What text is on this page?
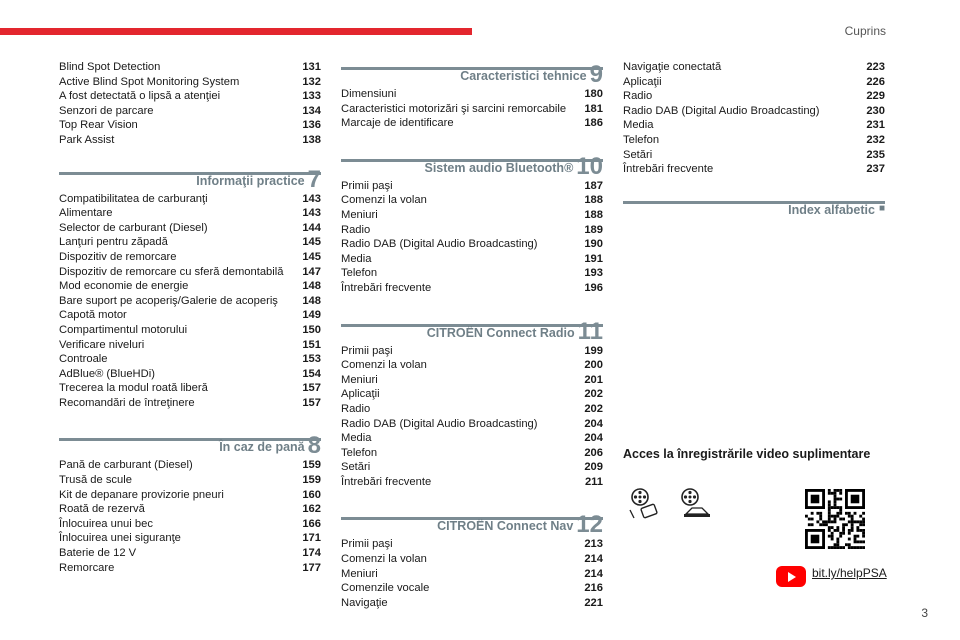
Cuprins
Blind Spot Detection	131
Active Blind Spot Monitoring System	132
A fost detectată o lipsă a atenţiei	133
Senzori de parcare	134
Top Rear Vision	136
Park Assist	138
Informaţii practice 7
Compatibilitatea de carburanţi	143
Alimentare	143
Selector de carburant (Diesel)	144
Lanţuri pentru zăpadă	145
Dispozitiv de remorcare	145
Dispozitiv de remorcare cu sferă demontabilă 147
Mod economie de energie	148
Bare suport pe acoperiş/Galerie de acoperiş 148
Capotă motor	149
Compartimentul motorului	150
Verificare niveluri	151
Controale	153
AdBlue® (BlueHDi)	154
Trecerea la modul roată liberă	157
Recomandări de întreţinere	157
În caz de pană 8
Pană de carburant (Diesel)	159
Trusă de scule	159
Kit de depanare provizorie pneuri	160
Roată de rezervă	162
Înlocuirea unui bec	166
Înlocuirea unei siguranţe	171
Baterie de 12 V	174
Remorcare	177
Caracteristici tehnice 9
Dimensiuni	180
Caracteristici motorizări şi sarcini remorcabile 181
Marcaje de identificare	186
Sistem audio Bluetooth® 10
Primii paşi	187
Comenzi la volan	188
Meniuri	188
Radio	189
Radio DAB (Digital Audio Broadcasting)	190
Media	191
Telefon	193
Întrebări frecvente	196
CITROËN Connect Radio 11
Primii paşi	199
Comenzi la volan	200
Meniuri	201
Aplicaţii	202
Radio	202
Radio DAB (Digital Audio Broadcasting)	204
Media	204
Telefon	206
Setări	209
Întrebări frecvente	211
CITROËN Connect Nav 12
Primii paşi	213
Comenzi la volan	214
Meniuri	214
Comenzile vocale	216
Navigaţie	221
Navigaţie conectată	223
Aplicaţii	226
Radio	229
Radio DAB (Digital Audio Broadcasting)	230
Media	231
Telefon	232
Setări	235
Întrebări frecvente	237
Index alfabetic ■
Acces la înregistrările video suplimentare
bit.ly/helpPSA
3
